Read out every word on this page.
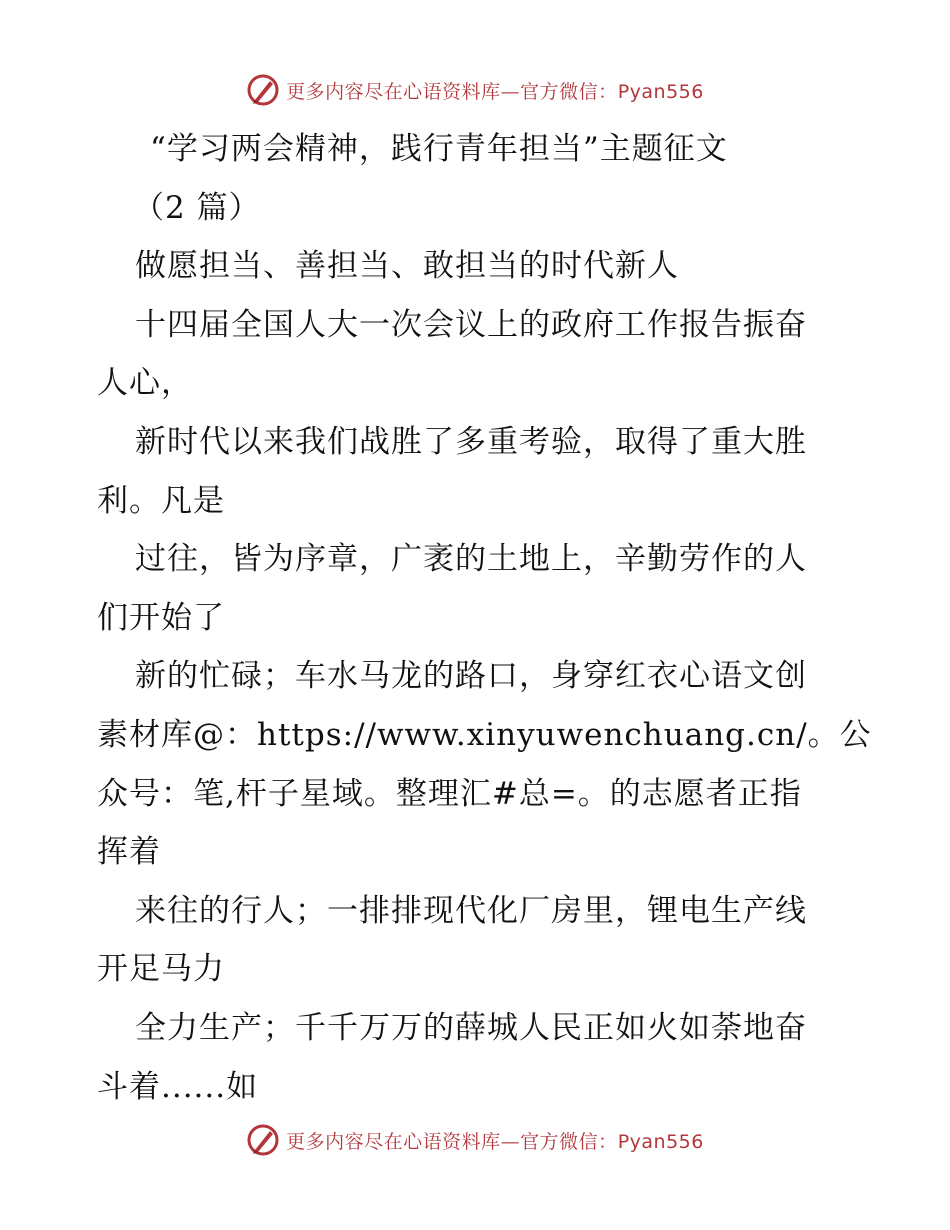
更多内容尽在心语资料库—官方微信：Pyan556
“学习两会精神，践行青年担当”主题征文
（2 篇）
做愿担当、善担当、敢担当的时代新人
十四届全国人大一次会议上的政府工作报告振奋
人心，
新时代以来我们战胜了多重考验，取得了重大胜
利。凡是
过往，皆为序章，广袤的土地上，辛勤劳作的人
们开始了
新的忙碌；车水马龙的路口，身穿红衣心语文创
素材库@：https://www.xinyuwenchuang.cn/。公
众号：笔,杆子星域。整理汇#总=。的志愿者正指
挥着
来往的行人；一排排现代化厂房里，锂电生产线
开足马力
全力生产；千千万万的薛城人民正如火如荼地奋
斗着......如
更多内容尽在心语资料库—官方微信：Pyan556
